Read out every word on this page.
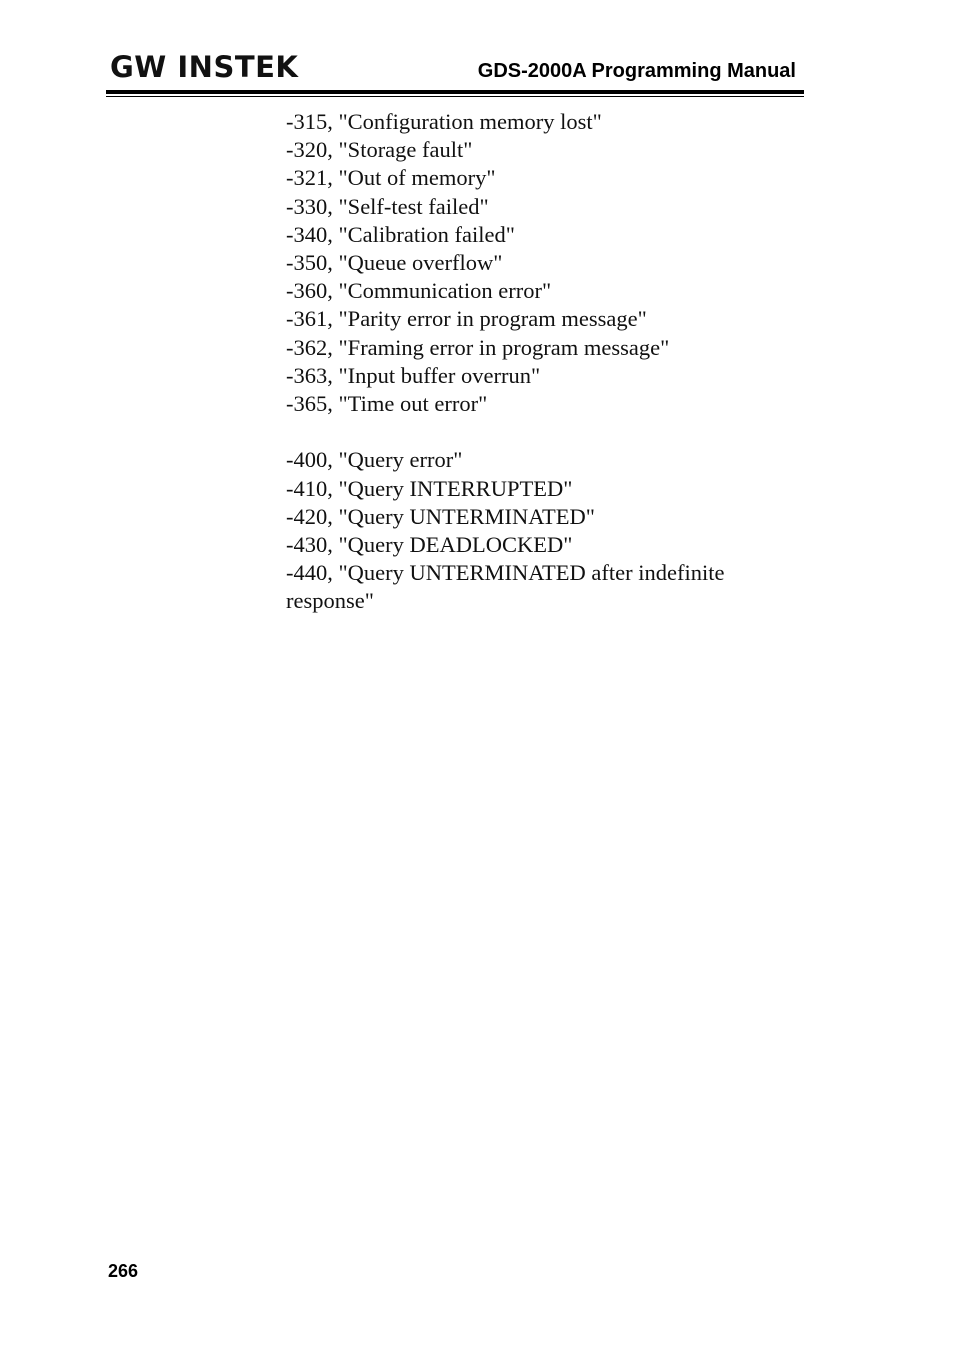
GW INSTEK	GDS-2000A Programming Manual
-315, "Configuration memory lost"
-320, "Storage fault"
-321, "Out of memory"
-330, "Self-test failed"
-340, "Calibration failed"
-350, "Queue overflow"
-360, "Communication error"
-361, "Parity error in program message"
-362, "Framing error in program message"
-363, "Input buffer overrun"
-365, "Time out error"
-400, "Query error"
-410, "Query INTERRUPTED"
-420, "Query UNTERMINATED"
-430, "Query DEADLOCKED"
-440, "Query UNTERMINATED after indefinite response"
266
